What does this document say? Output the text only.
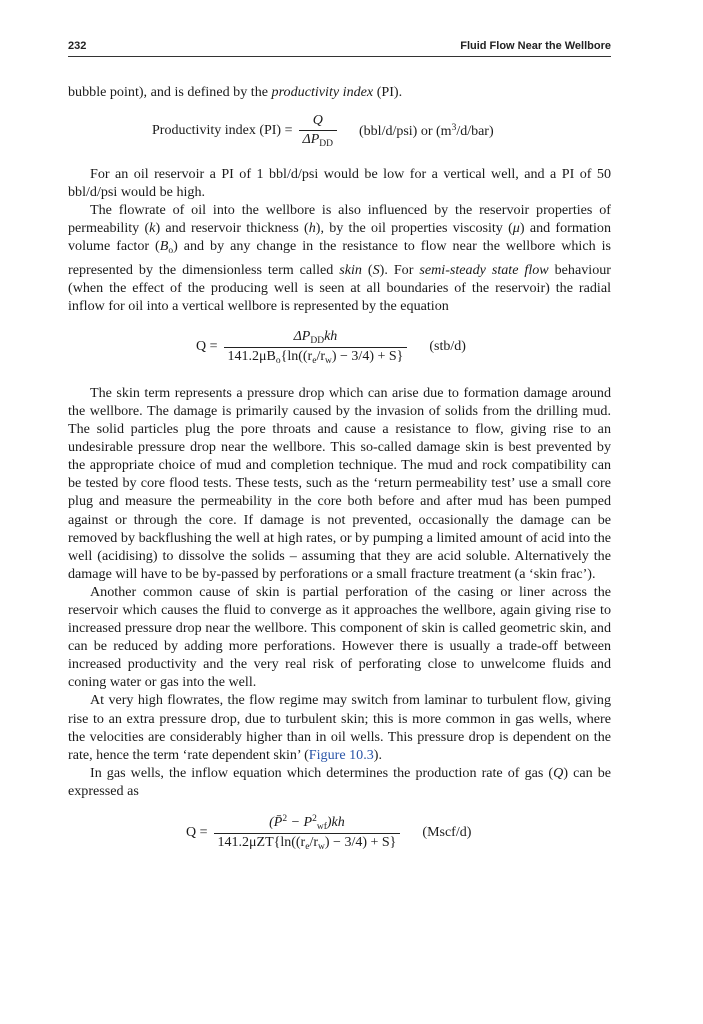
232	Fluid Flow Near the Wellbore

bubble point), and is defined by the productivity index (PI).

Productivity index $(PI) = \frac{Q}{\Delta P_{DD}} (bbl/d/psi)$ or $(m^3/d/bar)$

For an oil reservoir a PI of 1 bbl/d/psi would be low for a vertical well, and a PI of 50 bbl/d/psi would be high.

The flowrate of oil into the wellbore is also influenced by the reservoir properties of permeability (k) and reservoir thickness (h), by the oil properties viscosity (μ) and formation volume factor $(B_o)$ and by any change in the resistance to flow near the wellbore which is represented by the dimensionless term called skin (S). For semi-steady state flow behaviour (when the effect of the producing well is seen at all boundaries of the reservoir) the radial inflow for oil into a vertical wellbore is represented by the equation

$Q = \frac{\Delta P_{DD}kh}{141.2\mu B_o\{\ln((r_e/r_w) - 3/4) + S\}} (stb/d)$

The skin term represents a pressure drop which can arise due to formation damage around the wellbore. The damage is primarily caused by the invasion of solids from the drilling mud. The solid particles plug the pore throats and cause a resistance to flow, giving rise to an undesirable pressure drop near the wellbore. This so-called damage skin is best prevented by the appropriate choice of mud and completion technique. The mud and rock compatibility can be tested by core flood tests. These tests, such as the ‘return permeability test’ use a small core plug and measure the permeability in the core both before and after mud has been pumped against or through the core. If damage is not prevented, occasionally the damage can be removed by backflushing the well at high rates, or by pumping a limited amount of acid into the well (acidising) to dissolve the solids – assuming that they are acid soluble. Alternatively the damage will have to be by-passed by perforations or a small fracture treatment (a ‘skin frac’).

Another common cause of skin is partial perforation of the casing or liner across the reservoir which causes the fluid to converge as it approaches the wellbore, again giving rise to increased pressure drop near the wellbore. This component of skin is called geometric skin, and can be reduced by adding more perforations. However there is usually a trade-off between increased productivity and the very real risk of perforating close to unwelcome fluids and coning water or gas into the well.

At very high flowrates, the flow regime may switch from laminar to turbulent flow, giving rise to an extra pressure drop, due to turbulent skin; this is more common in gas wells, where the velocities are considerably higher than in oil wells. This pressure drop is dependent on the rate, hence the term ‘rate dependent skin’ (Figure 10.3).

In gas wells, the inflow equation which determines the production rate of gas (Q) can be expressed as

$Q = \frac{(P̄^2 - P^2_{wf})kh}{141.2\mu ZT\{\ln((r_e/r_w) - 3/4) + S\}}$ (Mscf/d)
